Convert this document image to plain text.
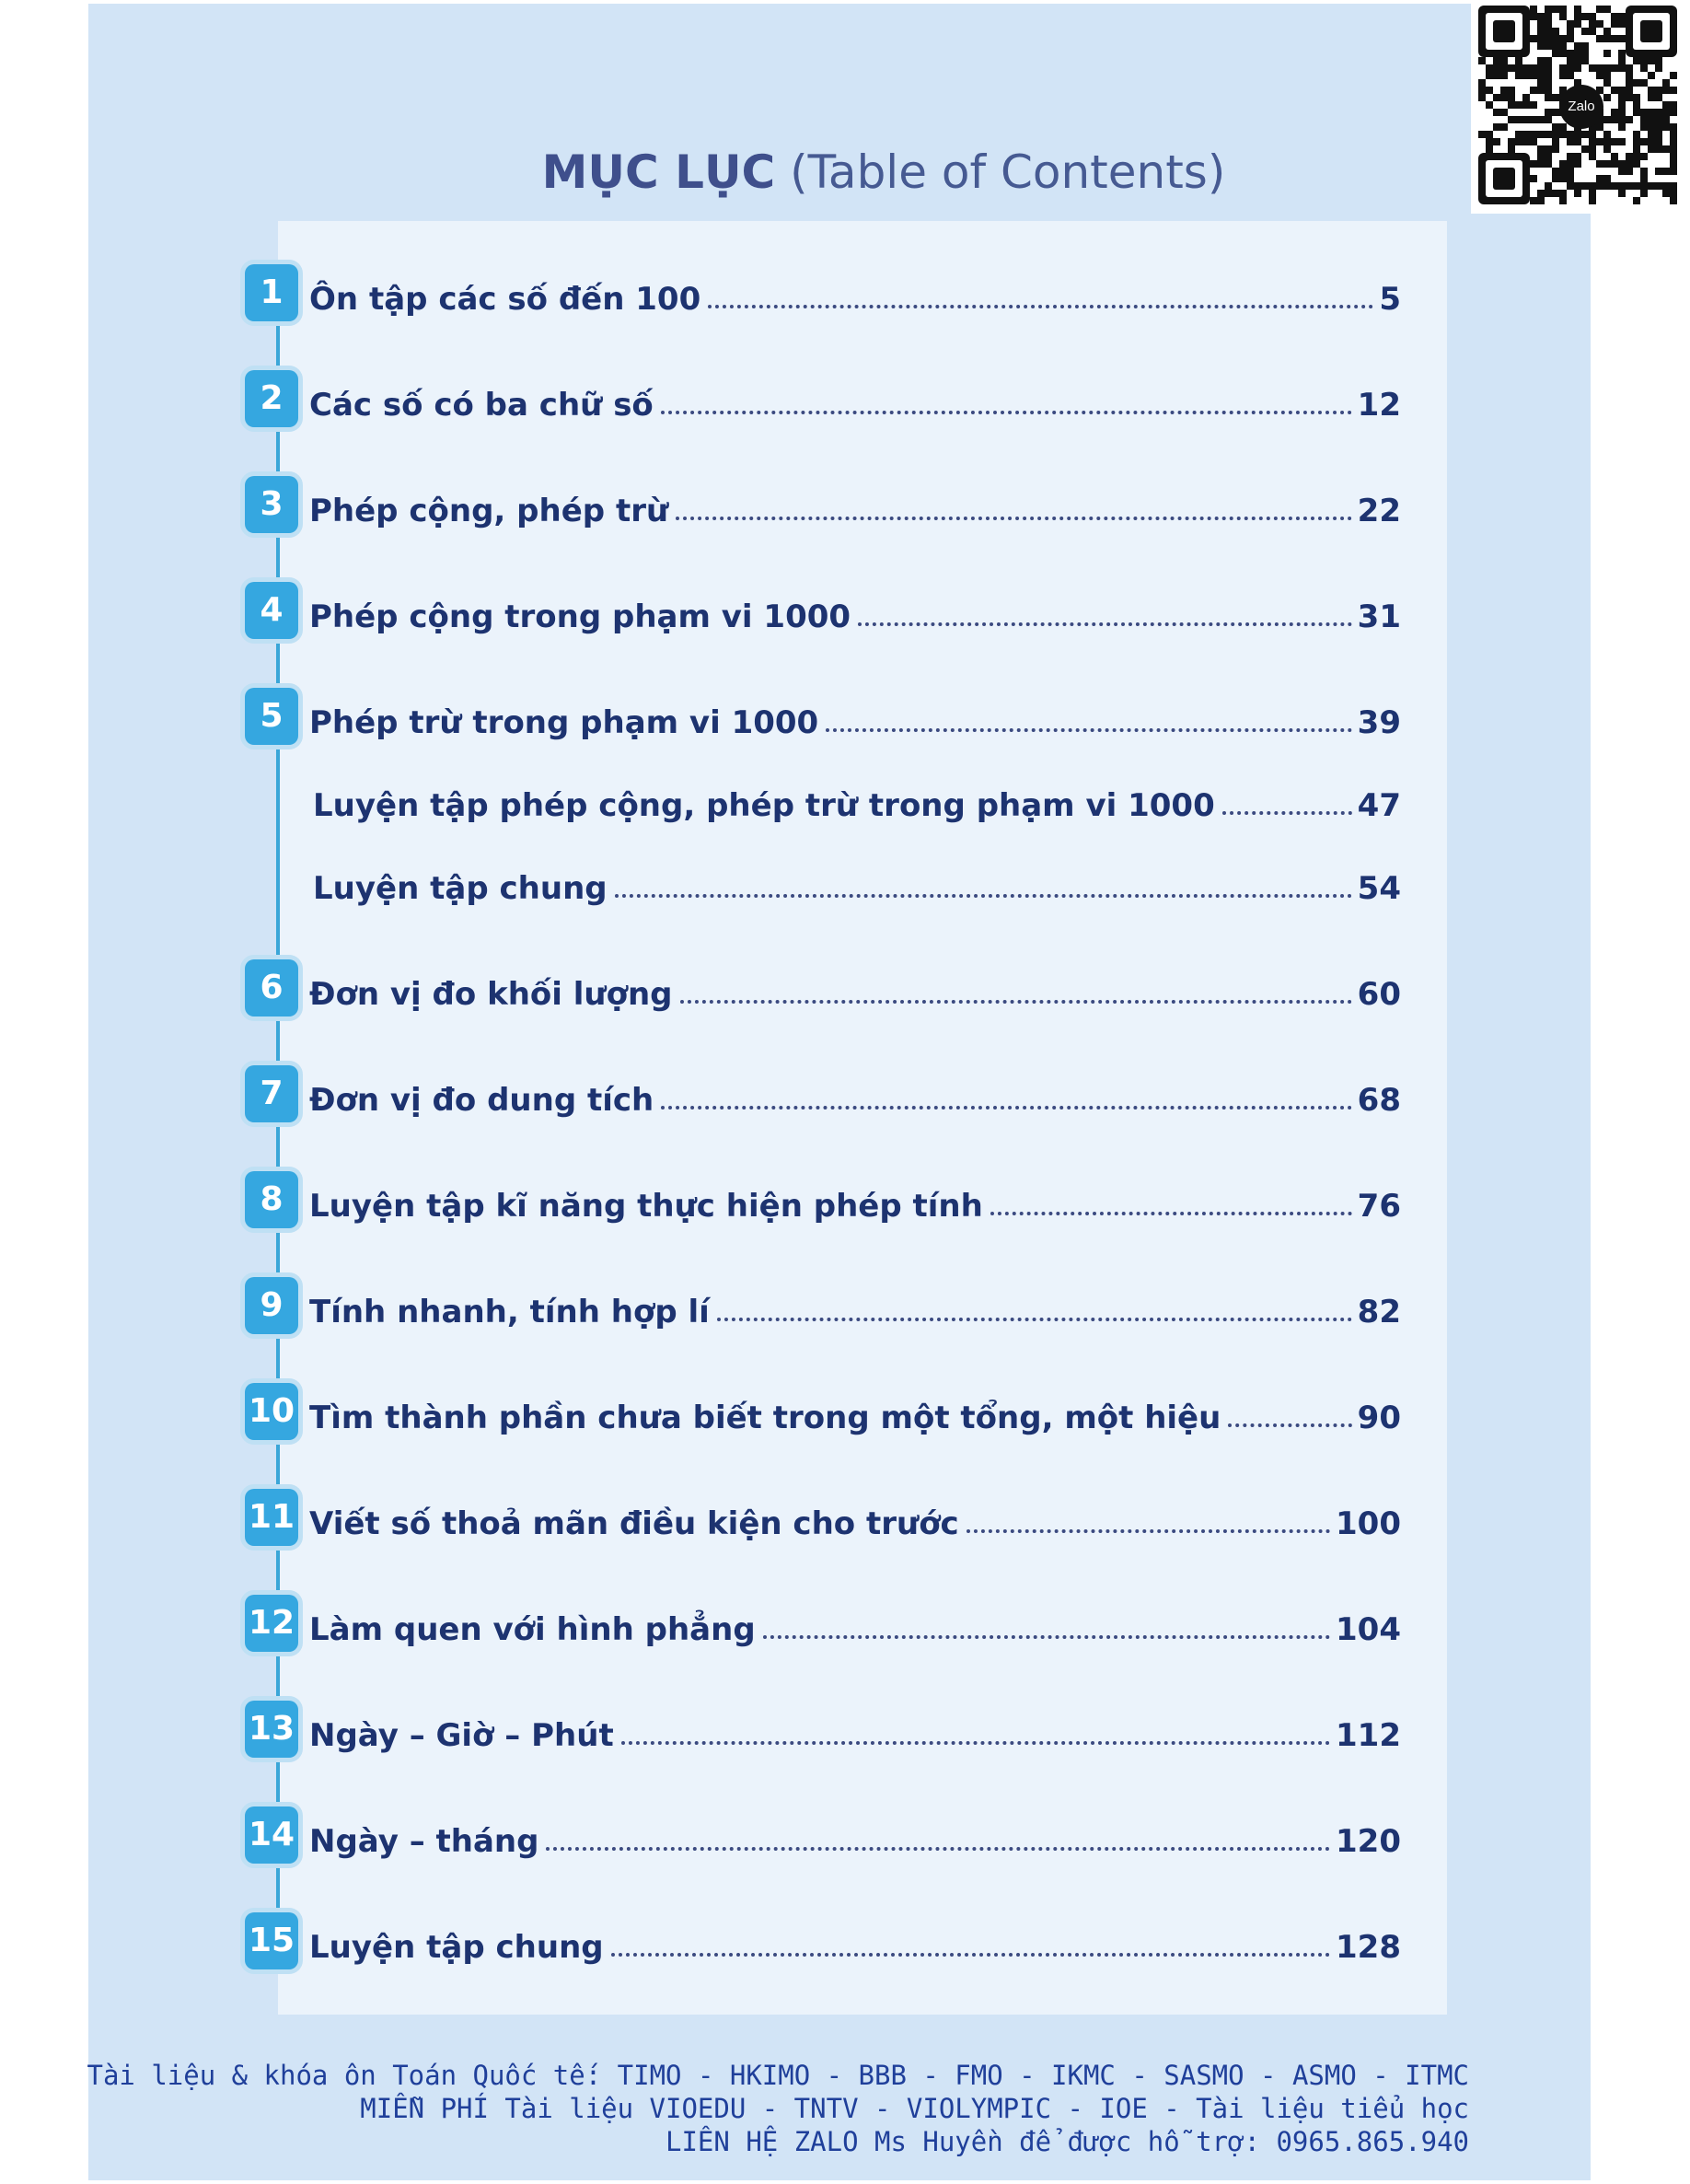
MỤC LỤC (Table of Contents)
1 Ôn tập các số đến 100	5
2 Các số có ba chữ số	12
3 Phép cộng, phép trừ	22
4 Phép cộng trong phạm vi 1000	31
5 Phép trừ trong phạm vi 1000	39
Luyện tập phép cộng, phép trừ trong phạm vi 1000	47
Luyện tập chung	54
6 Đơn vị đo khối lượng	60
7 Đơn vị đo dung tích	68
8 Luyện tập kĩ năng thực hiện phép tính	76
9 Tính nhanh, tính hợp lí	82
10 Tìm thành phần chưa biết trong một tổng, một hiệu	90
11 Viết số thoả mãn điều kiện cho trước	100
12 Làm quen với hình phẳng	104
13 Ngày – Giờ – Phút	112
14 Ngày – tháng	120
15 Luyện tập chung	128
Zalo
Tài liệu & khóa ôn Toán Quốc tế: TIMO - HKIMO - BBB - FMO - IKMC - SASMO - ASMO - ITMC
MIỄN PHÍ Tài liệu VIOEDU - TNTV - VIOLYMPIC - IOE - Tài liệu tiểu học
LIÊN HỆ ZALO Ms Huyền để được hỗ trợ: 0965.865.940
